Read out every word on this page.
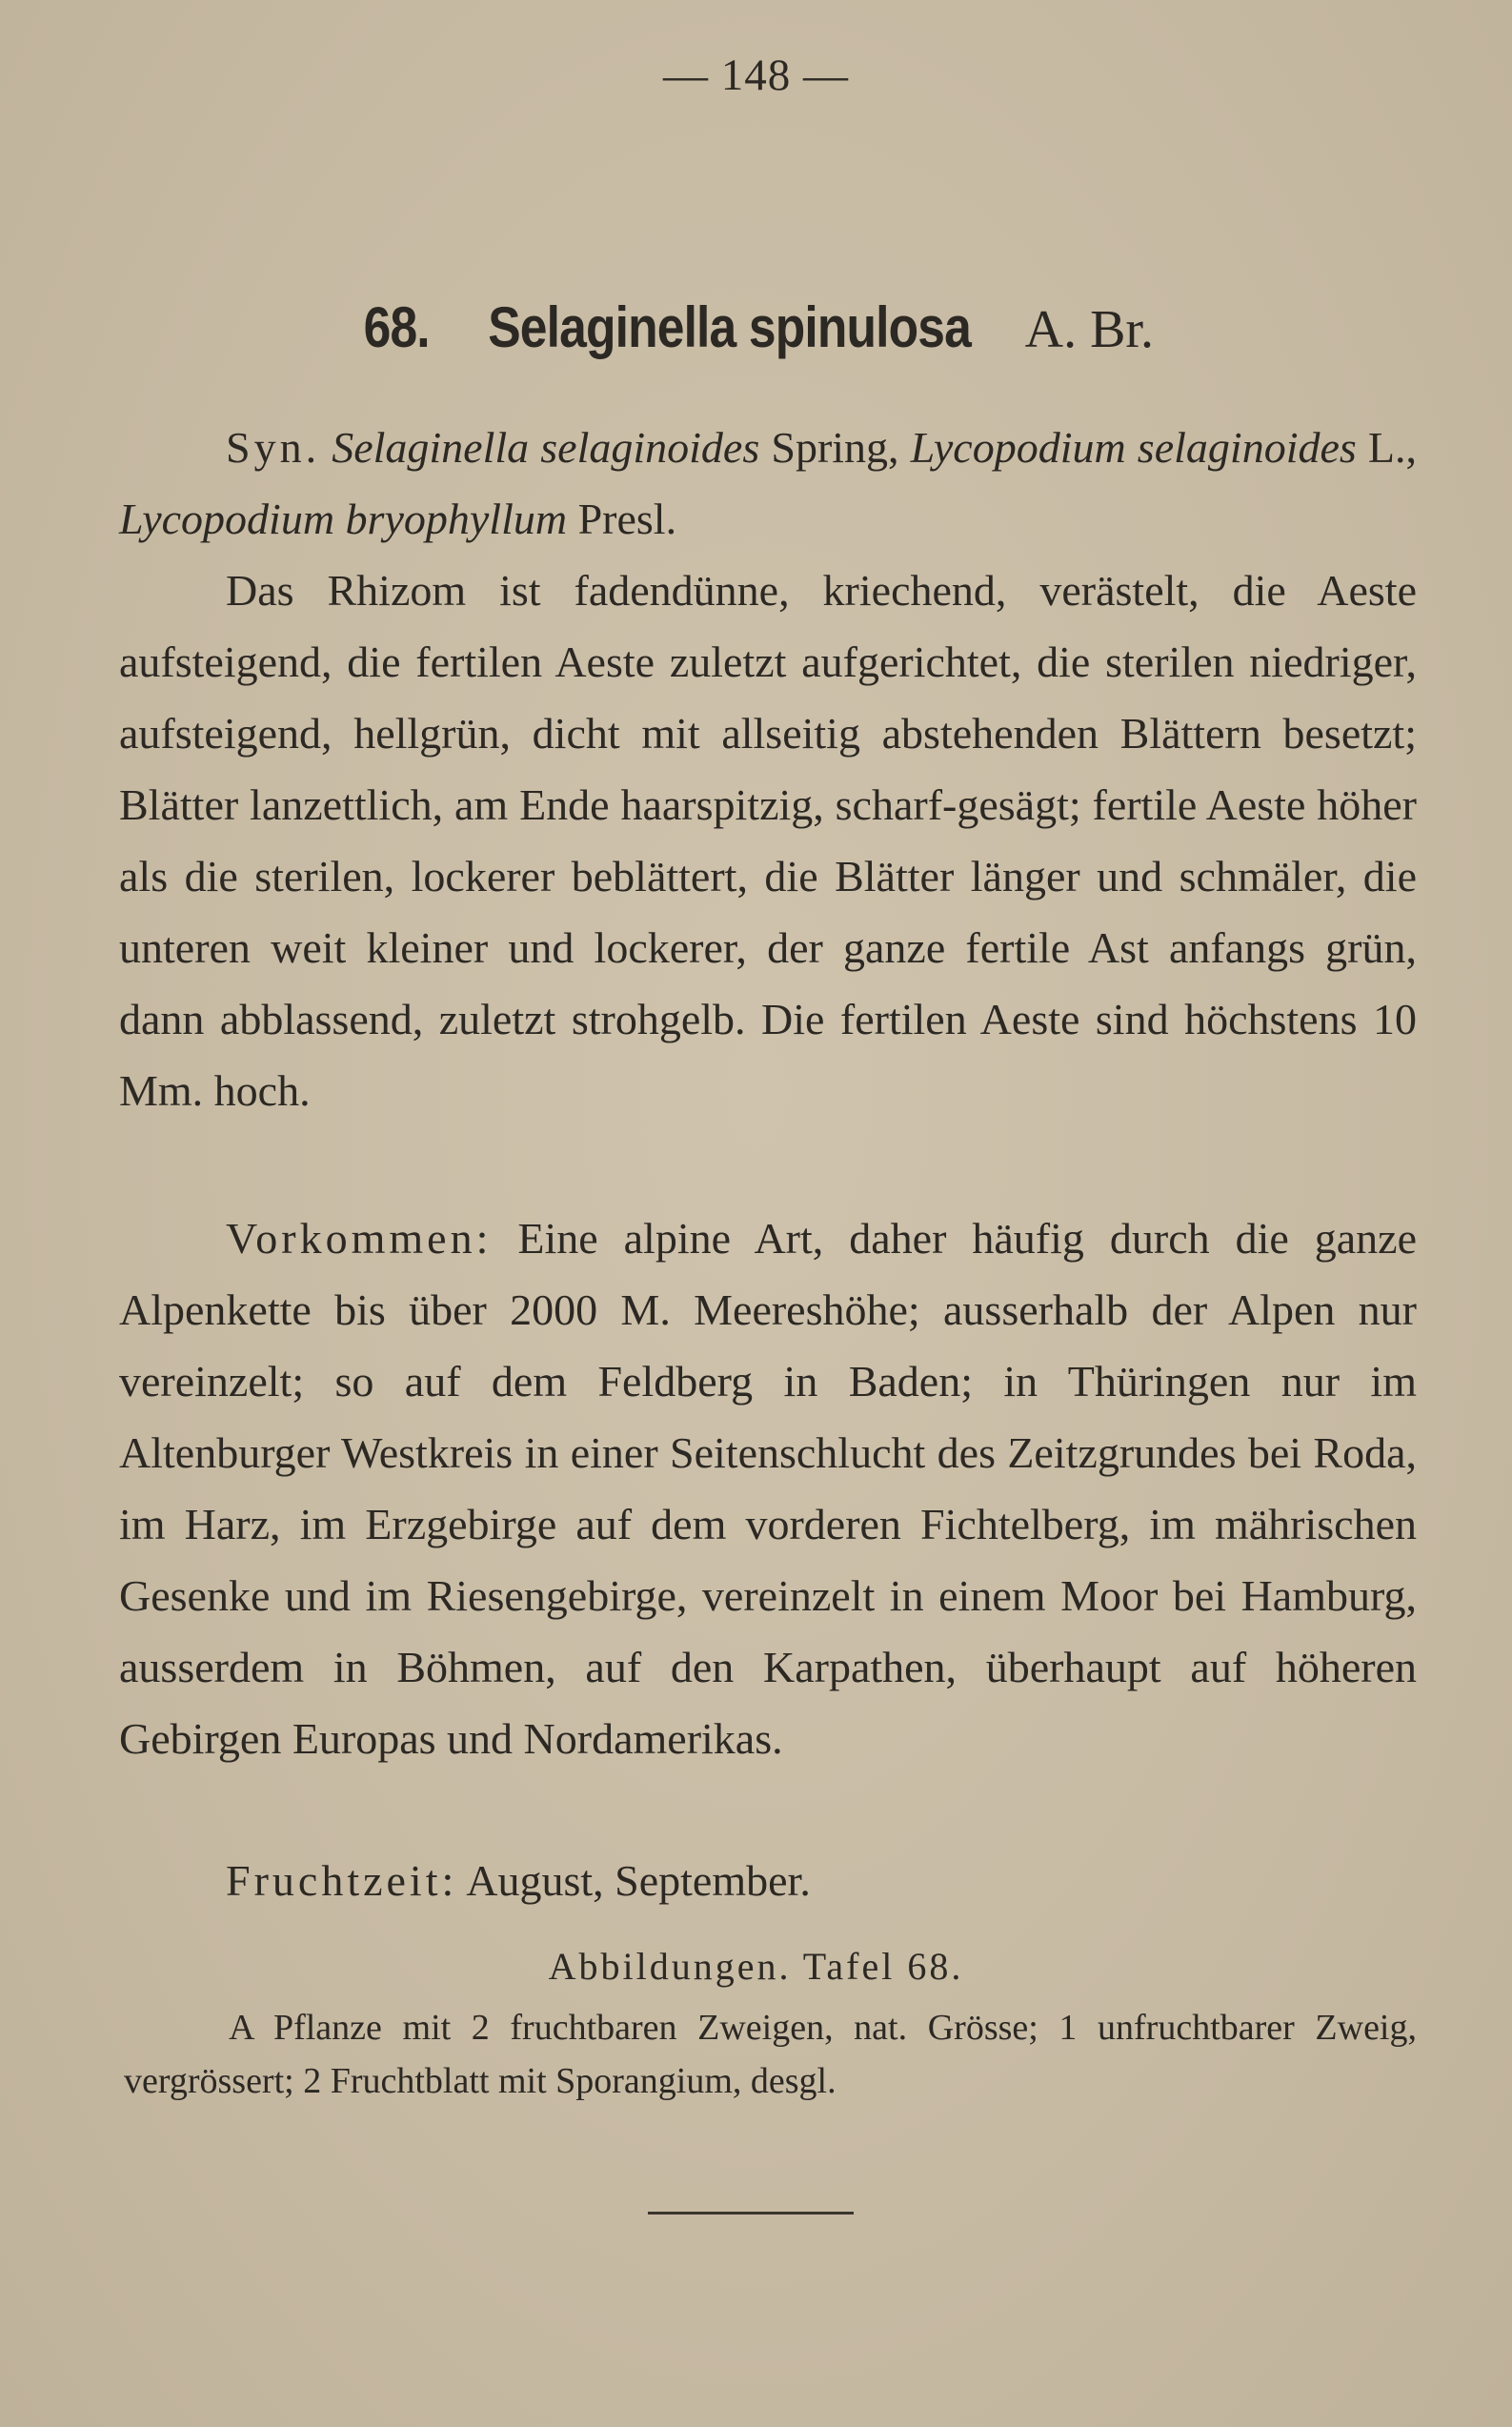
— 148 —
68. Selaginella spinulosa A. Br.

Syn. Selaginella selaginoides Spring, Lycopodium selaginoides L., Lycopodium bryophyllum Presl.

Das Rhizom ist fadendünne, kriechend, verästelt, die Aeste aufsteigend, die fertilen Aeste zuletzt aufgerichtet, die sterilen niedriger, aufsteigend, hellgrün, dicht mit allseitig abstehenden Blättern besetzt; Blätter lanzettlich, am Ende haarspitzig, scharf-gesägt; fertile Aeste höher als die sterilen, lockerer beblättert, die Blätter länger und schmäler, die unteren weit kleiner und lockerer, der ganze fertile Ast anfangs grün, dann abblassend, zuletzt strohgelb. Die fertilen Aeste sind höchstens 10 Mm. hoch.

Vorkommen: Eine alpine Art, daher häufig durch die ganze Alpenkette bis über 2000 M. Meereshöhe; ausserhalb der Alpen nur vereinzelt; so auf dem Feldberg in Baden; in Thüringen nur im Altenburger Westkreis in einer Seitenschlucht des Zeitzgrundes bei Roda, im Harz, im Erzgebirge auf dem vorderen Fichtelberg, im mährischen Gesenke und im Riesengebirge, vereinzelt in einem Moor bei Hamburg, ausserdem in Böhmen, auf den Karpathen, überhaupt auf höheren Gebirgen Europas und Nordamerikas.

Fruchtzeit: August, September.

Abbildungen. Tafel 68.

A Pflanze mit 2 fruchtbaren Zweigen, nat. Grösse; 1 unfruchtbarer Zweig, vergrössert; 2 Fruchtblatt mit Sporangium, desgl.
